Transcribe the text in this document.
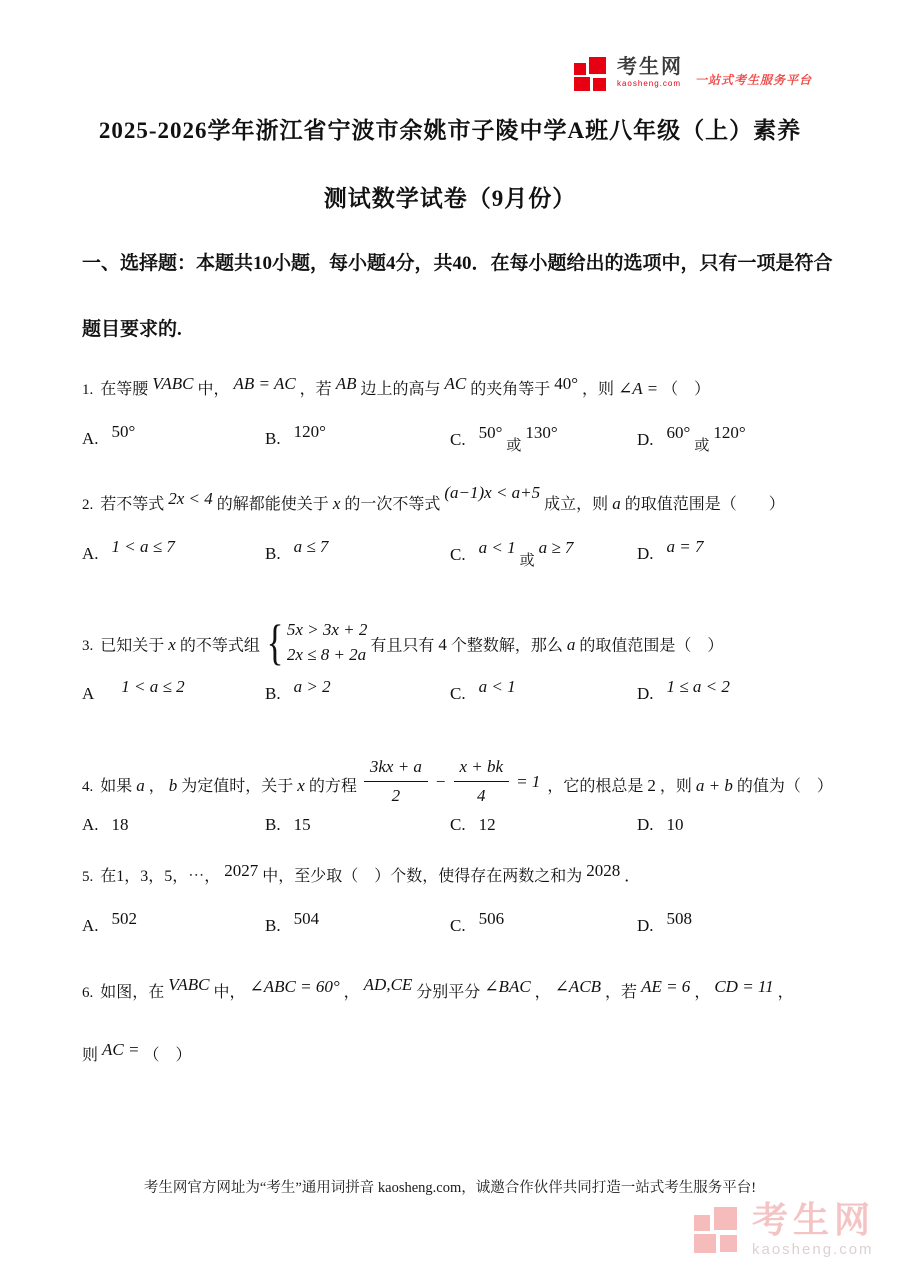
考生网
kaosheng.com 一站式考生服务平台
2025-2026学年浙江省宁波市余姚市子陵中学A班八年级（上）素养
测试数学试卷（9月份）
一、选择题：本题共10小题，每小题4分，共40．在每小题给出的选项中，只有一项是符合
题目要求的.
1. 在等腰 VABC 中， AB = AC ，若 AB 边上的高与 AC 的夹角等于 40° ，则 ∠A = （　）
A. 50°	B. 120°	C. 50°或130°	D. 60°或120°
2. 若不等式 2x < 4 的解都能使关于 x 的一次不等式(a−1)x < a+5成立，则 a 的取值范围是（　　）
A. 1 < a ≤ 7	B. a ≤ 7	C. a < 1或a ≥ 7	D. a = 7
3. 已知关于 x 的不等式组 { 5x > 3x + 2
2x ≤ 8 + 2a 有且只有 4 个整数解，那么 a 的取值范围是（　）
A 1 < a ≤ 2	B. a > 2	C. a < 1	D. 1 ≤ a < 2
4. 如果 a ， b 为定值时，关于 x 的方程 $\frac{3kx + a}{2} - \frac{x + bk}{4} = 1$ ，它的根总是 2 ，则 a + b 的值为（　）
A. 18	B. 15	C. 12	D. 10
5. 在1，3，5，⋯， 2027 中，至少取（　）个数，使得存在两数之和为 2028 ．
A. 502	B. 504	C. 506	D. 508
6. 如图，在 VABC 中， ∠ABC = 60° ， AD,CE 分别平分 ∠BAC ， ∠ACB ，若 AE = 6 ， CD = 11 ，
则 AC = （　）
考生网官方网址为“考生”通用词拼音 kaosheng.com，诚邀合作伙伴共同打造一站式考生服务平台!
考生网
kaosheng.com
